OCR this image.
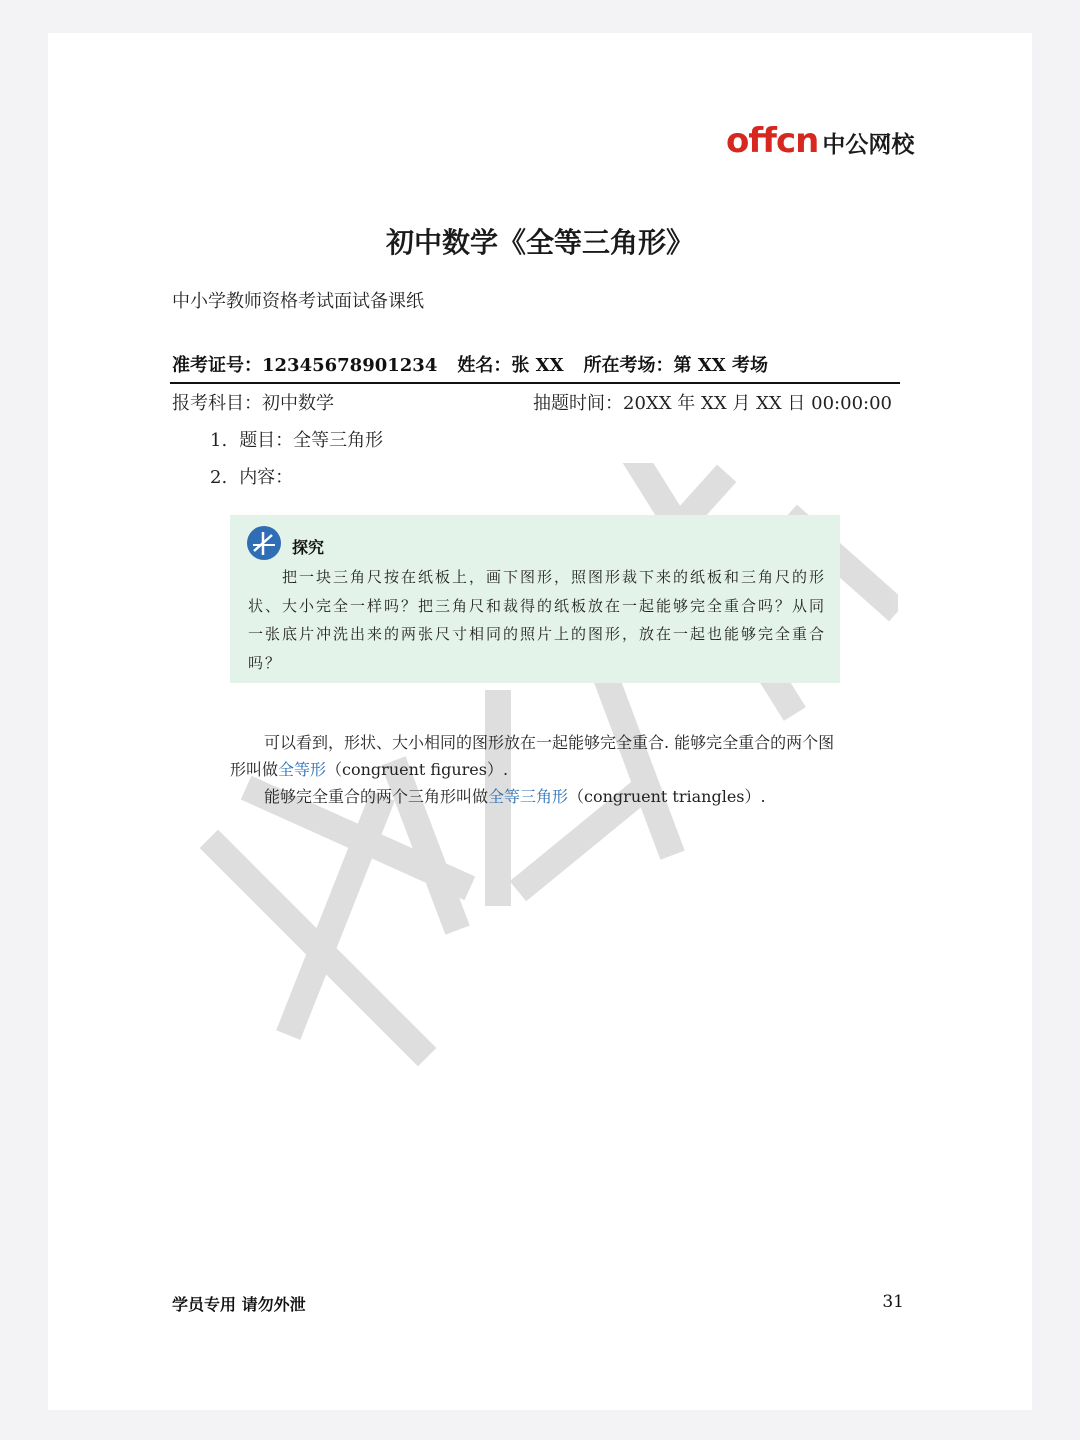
offcn 中公网校
初中数学《全等三角形》
中小学教师资格考试面试备课纸
准考证号：12345678901234 姓名：张 XX 所在考场：第 XX 考场
报考科目：初中数学	抽题时间：20XX 年 XX 月 XX 日 00:00:00
1. 题目：全等三角形
2. 内容：
探究
把一块三角尺按在纸板上，画下图形，照图形裁下来的纸板和三角尺的形状、大小完全一样吗？把三角尺和裁得的纸板放在一起能够完全重合吗？从同一张底片冲洗出来的两张尺寸相同的照片上的图形，放在一起也能够完全重合吗？

可以看到，形状、大小相同的图形放在一起能够完全重合. 能够完全重合的两个图形叫做全等形（congruent figures）.

能够完全重合的两个三角形叫做全等三角形（congruent triangles）.

学员专用 请勿外泄	31
